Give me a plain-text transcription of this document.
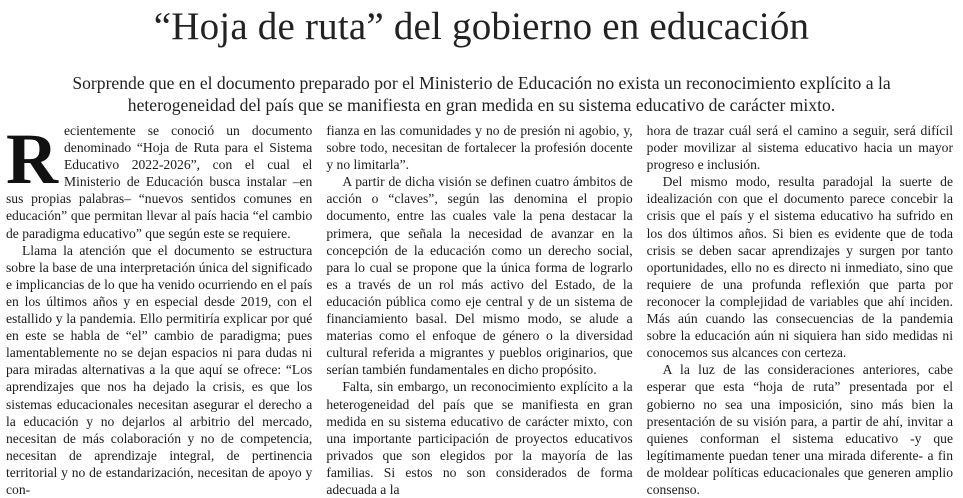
“Hoja de ruta” del gobierno en educación

Sorprende que en el documento preparado por el Ministerio de Educación no exista un reconocimiento explícito a la heterogeneidad del país que se manifiesta en gran medida en su sistema educativo de carácter mixto.

Recientemente se conoció un documento denominado “Hoja de Ruta para el Sistema Educativo 2022-2026”, con el cual el Ministerio de Educación busca instalar –en sus propias palabras– “nuevos sentidos comunes en educación” que permitan llevar al país hacia “el cambio de paradigma educativo” que según este se requiere.

Llama la atención que el documento se estructura sobre la base de una interpretación única del significado e implicancias de lo que ha venido ocurriendo en el país en los últimos años y en especial desde 2019, con el estallido y la pandemia. Ello permitiría explicar por qué en este se habla de “el” cambio de paradigma; pues lamentablemente no se dejan espacios ni para dudas ni para miradas alternativas a la que aquí se ofrece: “Los aprendizajes que nos ha dejado la crisis, es que los sistemas educacionales necesitan asegurar el derecho a la educación y no dejarlos al arbitrio del mercado, necesitan de más colaboración y no de competencia, necesitan de aprendizaje integral, de pertinencia territorial y no de estandarización, necesitan de apoyo y con-

fianza en las comunidades y no de presión ni agobio, y, sobre todo, necesitan de fortalecer la profesión docente y no limitarla”.

A partir de dicha visión se definen cuatro ámbitos de acción o “claves”, según las denomina el propio documento, entre las cuales vale la pena destacar la primera, que señala la necesidad de avanzar en la concepción de la educación como un derecho social, para lo cual se propone que la única forma de lograrlo es a través de un rol más activo del Estado, de la educación pública como eje central y de un sistema de financiamiento basal. Del mismo modo, se alude a materias como el enfoque de género o la diversidad cultural referida a migrantes y pueblos originarios, que serían también fundamentales en dicho propósito.

Falta, sin embargo, un reconocimiento explícito a la heterogeneidad del país que se manifiesta en gran medida en su sistema educativo de carácter mixto, con una importante participación de proyectos educativos privados que son elegidos por la mayoría de las familias. Si estos no son considerados de forma adecuada a la

hora de trazar cuál será el camino a seguir, será difícil poder movilizar al sistema educativo hacia un mayor progreso e inclusión.

Del mismo modo, resulta paradojal la suerte de idealización con que el documento parece concebir la crisis que el país y el sistema educativo ha sufrido en los dos últimos años. Si bien es evidente que de toda crisis se deben sacar aprendizajes y surgen por tanto oportunidades, ello no es directo ni inmediato, sino que requiere de una profunda reflexión que parta por reconocer la complejidad de variables que ahí inciden. Más aún cuando las consecuencias de la pandemia sobre la educación aún ni siquiera han sido medidas ni conocemos sus alcances con certeza.

A la luz de las consideraciones anteriores, cabe esperar que esta “hoja de ruta” presentada por el gobierno no sea una imposición, sino más bien la presentación de su visión para, a partir de ahí, invitar a quienes conforman el sistema educativo -y que legítimamente puedan tener una mirada diferente- a fin de moldear políticas educacionales que generen amplio consenso.
